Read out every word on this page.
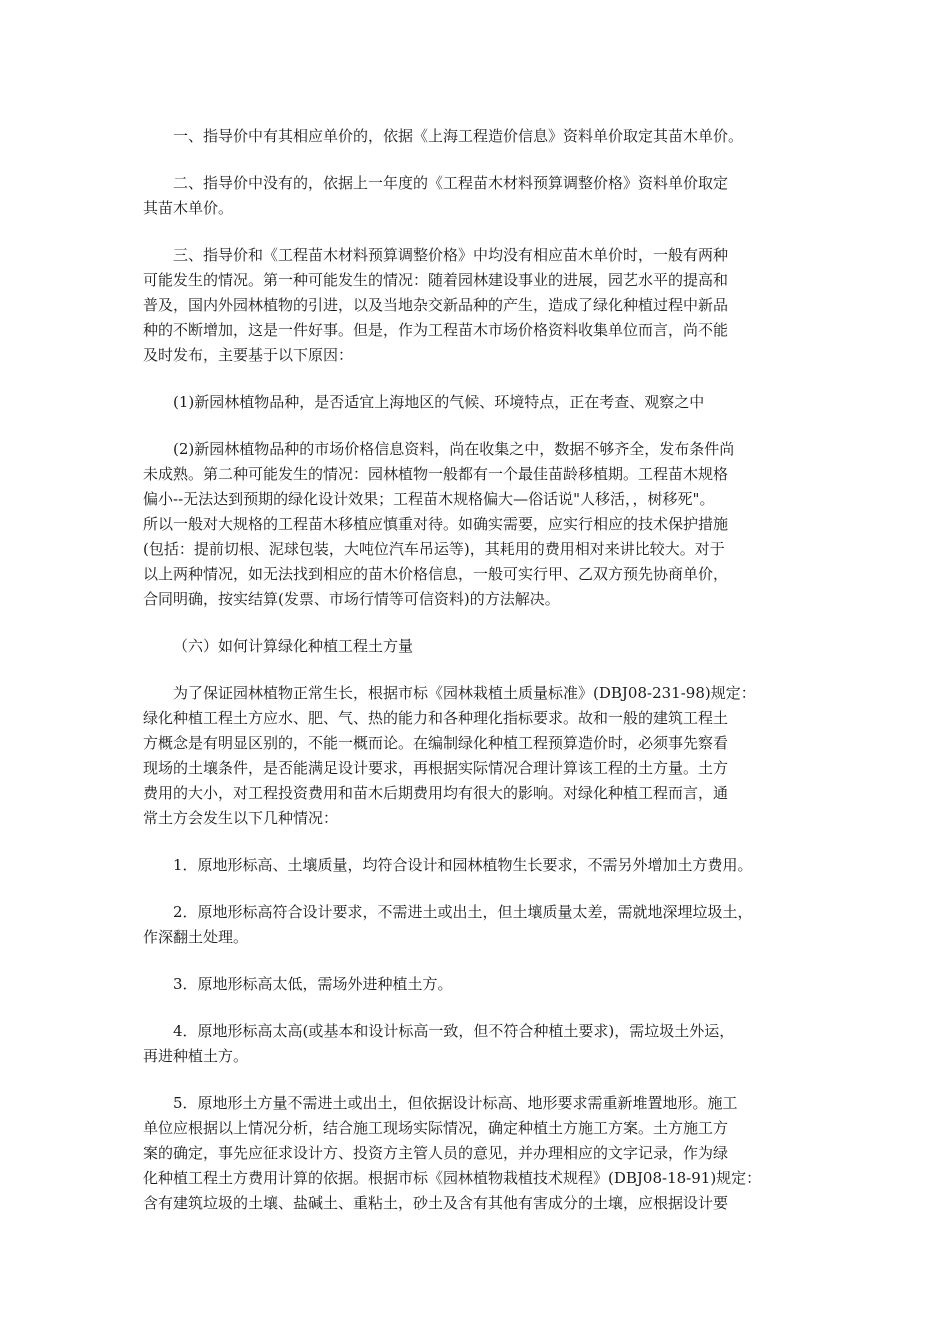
一、指导价中有其相应单价的，依据《上海工程造价信息》资料单价取定其苗木单价。
二、指导价中没有的，依据上一年度的《工程苗木材料预算调整价格》资料单价取定
其苗木单价。
三、指导价和《工程苗木材料预算调整价格》中均没有相应苗木单价时，一般有两种
可能发生的情况。第一种可能发生的情况：随着园林建设事业的进展，园艺水平的提高和
普及，国内外园林植物的引进，以及当地杂交新品种的产生，造成了绿化种植过程中新品
种的不断增加，这是一件好事。但是，作为工程苗木市场价格资料收集单位而言，尚不能
及时发布，主要基于以下原因：
(1)新园林植物品种，是否适宜上海地区的气候、环境特点，正在考查、观察之中
(2)新园林植物品种的市场价格信息资料，尚在收集之中，数据不够齐全，发布条件尚
未成熟。第二种可能发生的情况：园林植物一般都有一个最佳苗龄移植期。工程苗木规格
偏小--无法达到预期的绿化设计效果；工程苗木规格偏大—俗话说"人移活，，树移死"。
所以一般对大规格的工程苗木移植应慎重对待。如确实需要，应实行相应的技术保护措施
(包括：提前切根、泥球包装，大吨位汽车吊运等)，其耗用的费用相对来讲比较大。对于
以上两种情况，如无法找到相应的苗木价格信息，一般可实行甲、乙双方预先协商单价，
合同明确，按实结算(发票、市场行情等可信资料)的方法解决。
（六）如何计算绿化种植工程土方量
为了保证园林植物正常生长，根据市标《园林栽植土质量标准》(DBJ08-231-98)规定：
绿化种植工程土方应水、肥、气、热的能力和各种理化指标要求。故和一般的建筑工程土
方概念是有明显区别的，不能一概而论。在编制绿化种植工程预算造价时，必须事先察看
现场的土壤条件，是否能满足设计要求，再根据实际情况合理计算该工程的土方量。土方
费用的大小，对工程投资费用和苗木后期费用均有很大的影响。对绿化种植工程而言，通
常土方会发生以下几种情况：
1．原地形标高、土壤质量，均符合设计和园林植物生长要求，不需另外增加土方费用。
2．原地形标高符合设计要求，不需进土或出土，但土壤质量太差，需就地深埋垃圾土，
作深翻土处理。
3．原地形标高太低，需场外进种植土方。
4．原地形标高太高(或基本和设计标高一致，但不符合种植土要求)，需垃圾土外运，
再进种植土方。
5．原地形土方量不需进土或出土，但依据设计标高、地形要求需重新堆置地形。施工
单位应根据以上情况分析，结合施工现场实际情况，确定种植土方施工方案。土方施工方
案的确定，事先应征求设计方、投资方主管人员的意见，并办理相应的文字记录，作为绿
化种植工程土方费用计算的依据。根据市标《园林植物栽植技术规程》(DBJ08-18-91)规定：
含有建筑垃圾的土壤、盐碱土、重粘土，砂土及含有其他有害成分的土壤，应根据设计要
